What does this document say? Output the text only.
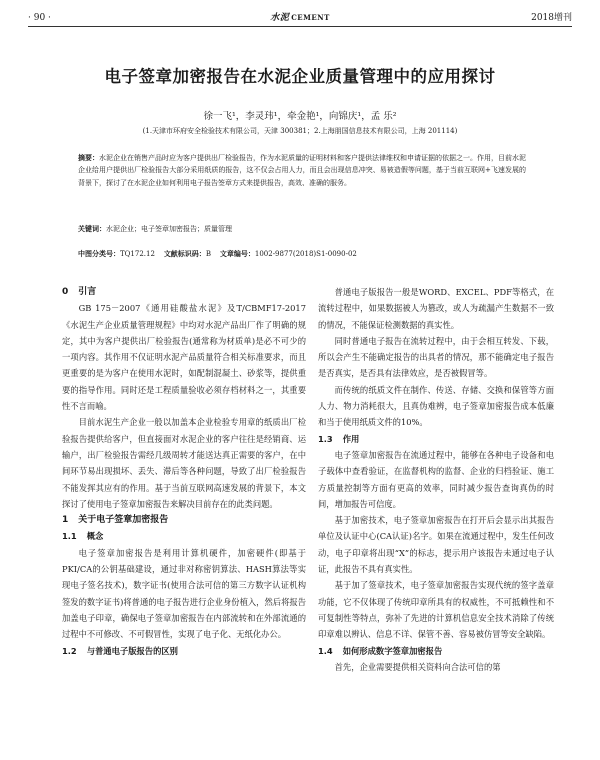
· 90 ·	水泥 CEMENT	2018增刊
电子签章加密报告在水泥企业质量管理中的应用探讨
徐一飞¹，李灵玮¹，牵金艳¹，向锦庆¹，孟 乐²
(1.天津市环府安全检验技术有限公司，天津 300381；2.上海朋国信息技术有限公司，上海 201114)
摘要：水泥企业在销售产品时应为客户提供出厂检验报告，作为水泥质量的证明材料和客户提供法律维权和申请证据的依据之一。作用，目前水泥企业给用户提供出厂检验报告大部分采用纸质的报告，这不仅会占用人力，而且会出现信息冲突、易被造假等问题，基于当前互联网+飞速发展的背景下，探讨了在水泥企业如何利用电子报告签章方式来提供报告，高效、准确的服务。
关键词：水泥企业；电子签章加密报告；质量管理
中图分类号：TQ172.12 文献标识码：B 文章编号：1002-9877(2018)S1-0090-02
0 引言

GB 175－2007《通用硅酸盐水泥》及T/CBMF17-2017《水泥生产企业质量管理规程》中均对水泥产品出厂作了明确的规定，其中为客户提供出厂检验报告(通常称为材质单)是必不可少的一项内容。其作用不仅证明水泥产品质量符合相关标准要求，而且更重要的是为客户在使用水泥时，如配制混凝土、砂浆等，提供重要的指导作用。同时还是工程质量验收必须存档材料之一，其重要性不言而喻。

目前水泥生产企业一般以加盖本企业检验专用章的纸质出厂检验报告提供给客户，但直接面对水泥企业的客户往往是经销商、运输户，出厂检验报告需经几级周转才能送达真正需要的客户，在中间环节易出现损坏、丢失、滞后等各种问题，导致了出厂检验报告不能发挥其应有的作用。基于当前互联网高速发展的背景下，本文探讨了使用电子签章加密报告来解决目前存在的此类问题。

1 关于电子签章加密报告
1.1 概念

电子签章加密报告是利用计算机硬件，加密硬件(即基于PKI/CA的公钥基础建设，通过非对称密钥算法、HASH算法等实现电子签名技术)，数字证书(使用合法可信的第三方数字认证机构签发的数字证书)将普通的电子报告进行企业身份植入，然后将报告加盖电子印章，确保电子签章加密报告在内部流转和在外部流通的过程中不可修改、不可假冒性，实现了电子化、无纸化办公。

1.2 与普通电子版报告的区别

普通电子版报告一般是WORD、EXCEL、PDF等格式，在流转过程中，如果数据被人为篡改，或人为疏漏产生数据不一致的情况，不能保证检测数据的真实性。

同时普通电子报告在流转过程中，由于会相互转发、下载，所以会产生不能确定报告的出具者的情况，那不能确定电子报告是否真实，是否具有法律效应，是否被假冒等。

而传统的纸质文件在制作、传送、存储、交换和保管等方面人力、物力消耗很大，且真伪难辨，电子签章加密报告成本低廉和当于使用纸质文件的10%。

1.3 作用

电子签章加密报告在流通过程中，能够在各种电子设备和电子载体中查看验证，在监督机构的监督、企业的归档验证、施工方质量控制等方面有更高的效率，同时减少报告查询真伪的时间，增加报告可信度。

基于加密技术，电子签章加密报告在打开后会显示出其报告单位及认证中心(CA认证)名字。如果在流通过程中，发生任何改动，电子印章将出现“X”的标志，提示用户该报告未通过电子认证，此报告不具有真实性。

基于加了签章技术，电子签章加密报告实现代统的签字盖章功能，它不仅体现了传统印章所具有的权威性，不可抵赖性和不可复制性等特点，弥补了先进的计算机信息安全技术消除了传统印章难以辨认、信息不详、保管不善、容易被仿冒等安全缺陷。

1.4 如何形成数字签章加密报告

首先，企业需要提供相关资料向合法可信的第
